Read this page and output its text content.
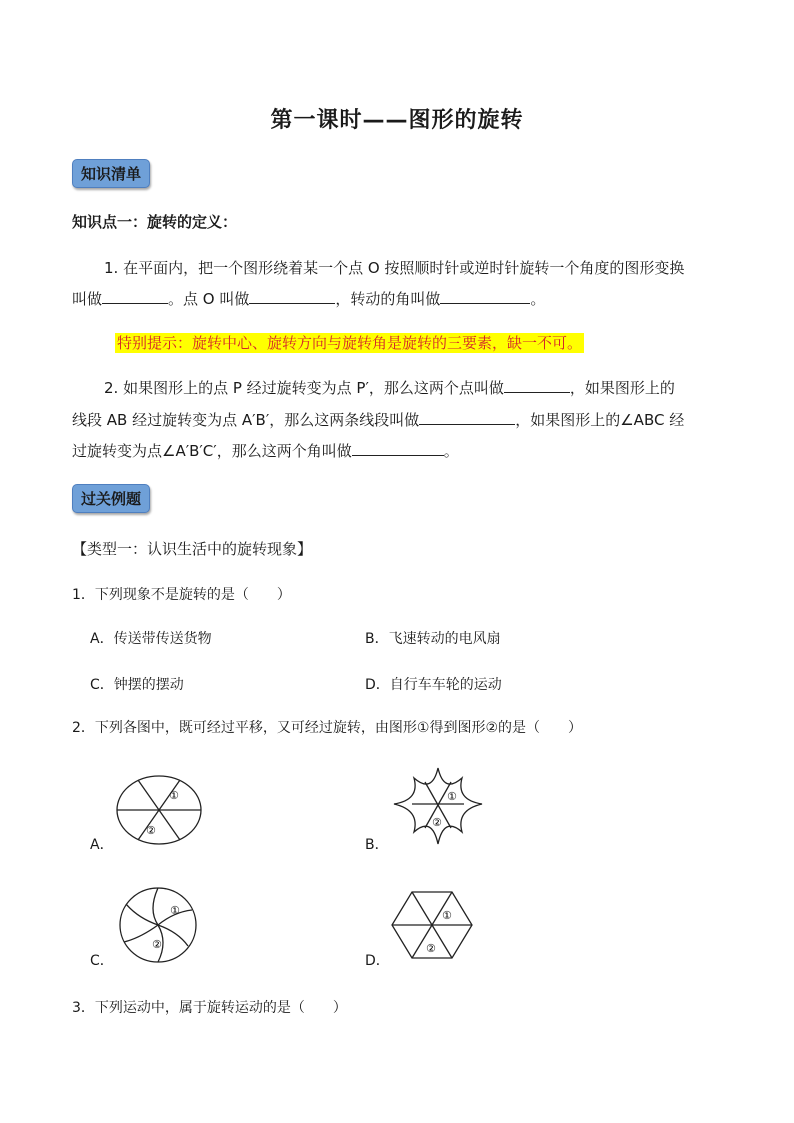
第一课时——图形的旋转
知识清单
知识点一：旋转的定义：
1. 在平面内，把一个图形绕着某一个点 O 按照顺时针或逆时针旋转一个角度的图形变换
叫做	。点 O 叫做	，转动的角叫做	。
特别提示：旋转中心、旋转方向与旋转角是旋转的三要素，缺一不可。
2. 如果图形上的点 P 经过旋转变为点 P′，那么这两个点叫做	，如果图形上的
线段 AB 经过旋转变为点 A′B′，那么这两条线段叫做	，如果图形上的∠ABC 经
过旋转变为点∠A′B′C′，那么这两个角叫做	。
过关例题
【类型一：认识生活中的旋转现象】
1．下列现象不是旋转的是（　　）
A．传送带传送货物	B．飞速转动的电风扇
C．钟摆的摆动	D．自行车车轮的运动
2．下列各图中，既可经过平移，又可经过旋转，由图形①得到图形②的是（　　）
A．
①
②
B．
①
②
C．
①
②
D．
①
②
3．下列运动中，属于旋转运动的是（　　）
